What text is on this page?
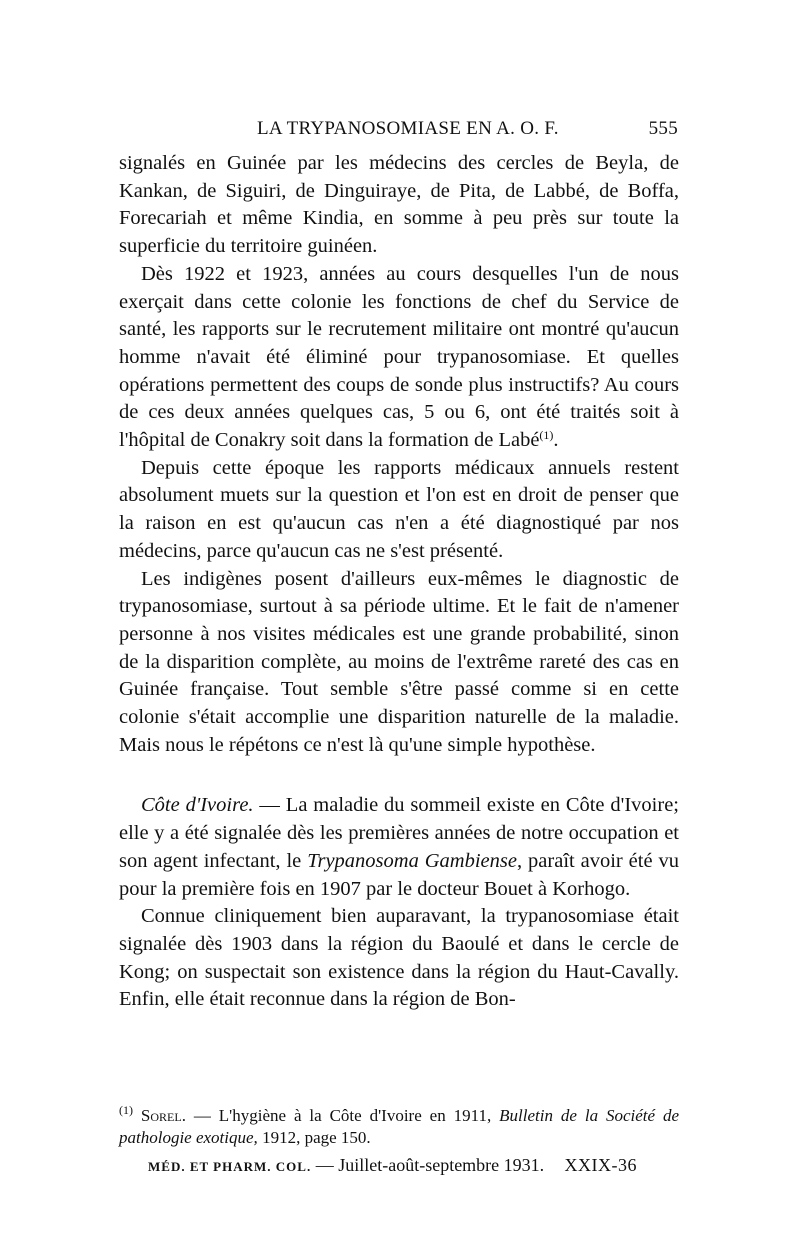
LA TRYPANOSOMIASE EN A. O. F.	555

signalés en Guinée par les médecins des cercles de Beyla, de Kankan, de Siguiri, de Dinguiraye, de Pita, de Labbé, de Boffa, Forecariah et même Kindia, en somme à peu près sur toute la superficie du territoire guinéen.

Dès 1922 et 1923, années au cours desquelles l'un de nous exerçait dans cette colonie les fonctions de chef du Service de santé, les rapports sur le recrutement militaire ont montré qu'aucun homme n'avait été éliminé pour trypanosomiase. Et quelles opérations permettent des coups de sonde plus instructifs? Au cours de ces deux années quelques cas, 5 ou 6, ont été traités soit à l'hôpital de Conakry soit dans la formation de Labé$^{(1)}$.

Depuis cette époque les rapports médicaux annuels restent absolument muets sur la question et l'on est en droit de penser que la raison en est qu'aucun cas n'en a été diagnostiqué par nos médecins, parce qu'aucun cas ne s'est présenté.

Les indigènes posent d'ailleurs eux-mêmes le diagnostic de trypanosomiase, surtout à sa période ultime. Et le fait de n'amener personne à nos visites médicales est une grande probabilité, sinon de la disparition complète, au moins de l'extrême rareté des cas en Guinée française. Tout semble s'être passé comme si en cette colonie s'était accomplie une disparition naturelle de la maladie. Mais nous le répétons ce n'est là qu'une simple hypothèse.

Côte d'Ivoire. — La maladie du sommeil existe en Côte d'Ivoire; elle y a été signalée dès les premières années de notre occupation et son agent infectant, le Trypanosoma Gambiense, paraît avoir été vu pour la première fois en 1907 par le docteur Bouet à Korhogo.

Connue cliniquement bien auparavant, la trypanosomiase était signalée dès 1903 dans la région du Baoulé et dans le cercle de Kong; on suspectait son existence dans la région du Haut-Cavally. Enfin, elle était reconnue dans la région de Bon-

$^{(1)}$ Sorel. — L'hygiène à la Côte d'Ivoire en 1911, Bulletin de la Société de pathologie exotique, 1912, page 150.
MÉD. ET PHARM. COL. — Juillet-août-septembre 1931. XXIX-36
